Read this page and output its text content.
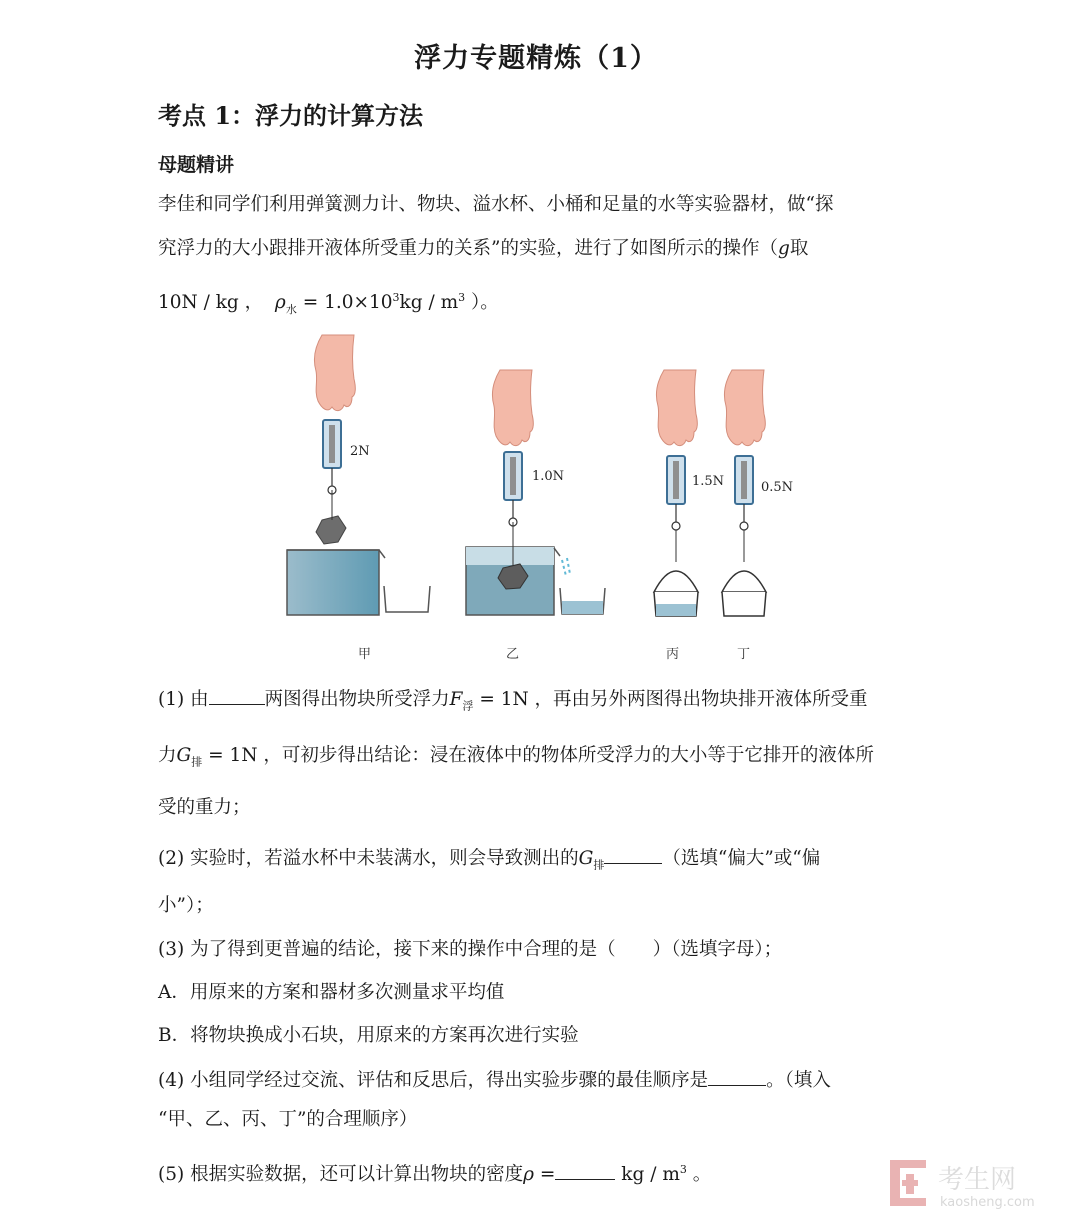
浮力专题精炼（1）
考点 1：浮力的计算方法
母题精讲
李佳和同学们利用弹簧测力计、物块、溢水杯、小桶和足量的水等实验器材，做“探
究浮力的大小跟排开液体所受重力的关系”的实验，进行了如图所示的操作（g取
10N / kg ， $\rho_水 = 1.0\times 10^3kg / m^3$ ）。
2N
1.0N	1.5N	0.5N
甲	乙	丙	丁
(1) 由	两图得出物块所受浮力$F_浮 = 1N$ ，再由另外两图得出物块排开液体所受重
力$G_排 = 1N$ ，可初步得出结论：浸在液体中的物体所受浮力的大小等于它排开的液体所
受的重力；
(2) 实验时，若溢水杯中未装满水，则会导致测出的$G_排$	（选填“偏大”或“偏
小”）；
(3) 为了得到更普遍的结论，接下来的操作中合理的是（　　）（选填字母）；
A．用原来的方案和器材多次测量求平均值
B．将物块换成小石块，用原来的方案再次进行实验
(4) 小组同学经过交流、评估和反思后，得出实验步骤的最佳顺序是	。（填入
“甲、乙、丙、丁”的合理顺序）
(5) 根据实验数据，还可以计算出物块的密度ρ =	kg / $m^3$ 。	考生网
kaosheng.com
